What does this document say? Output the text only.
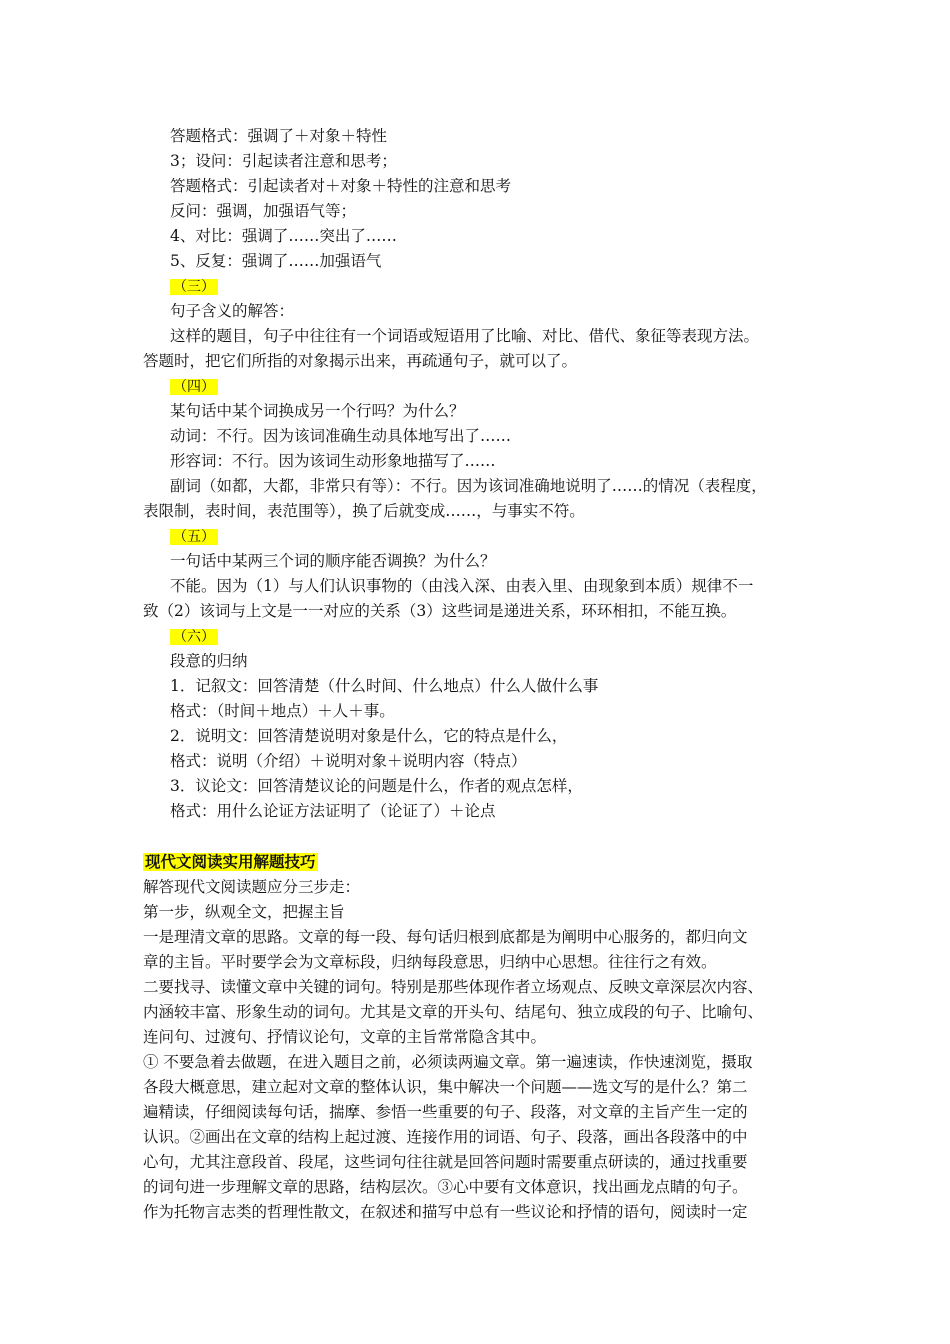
答题格式：强调了＋对象＋特性
3；设问：引起读者注意和思考；
答题格式：引起读者对＋对象＋特性的注意和思考
反问：强调，加强语气等；
4、对比：强调了……突出了……
5、反复：强调了……加强语气
（三）
句子含义的解答：
这样的题目，句子中往往有一个词语或短语用了比喻、对比、借代、象征等表现方法。
答题时，把它们所指的对象揭示出来，再疏通句子，就可以了。
（四）
某句话中某个词换成另一个行吗？为什么？
动词：不行。因为该词准确生动具体地写出了……
形容词：不行。因为该词生动形象地描写了……
副词（如都，大都，非常只有等）：不行。因为该词准确地说明了……的情况（表程度，
表限制，表时间，表范围等），换了后就变成……，与事实不符。
（五）
一句话中某两三个词的顺序能否调换？为什么？
不能。因为（1）与人们认识事物的（由浅入深、由表入里、由现象到本质）规律不一
致（2）该词与上文是一一对应的关系（3）这些词是递进关系，环环相扣，不能互换。
（六）
段意的归纳
1．记叙文：回答清楚（什么时间、什么地点）什么人做什么事
格式：（时间＋地点）＋人＋事。
2．说明文：回答清楚说明对象是什么，它的特点是什么，
格式：说明（介绍）＋说明对象＋说明内容（特点）
3．议论文：回答清楚议论的问题是什么，作者的观点怎样，
格式：用什么论证方法证明了（论证了）＋论点
现代文阅读实用解题技巧
解答现代文阅读题应分三步走：
第一步，纵观全文，把握主旨
一是理清文章的思路。文章的每一段、每句话归根到底都是为阐明中心服务的，都归向文
章的主旨。平时要学会为文章标段，归纳每段意思，归纳中心思想。往往行之有效。
二要找寻、读懂文章中关键的词句。特别是那些体现作者立场观点、反映文章深层次内容、
内涵较丰富、形象生动的词句。尤其是文章的开头句、结尾句、独立成段的句子、比喻句、
连问句、过渡句、抒情议论句，文章的主旨常常隐含其中。
① 不要急着去做题，在进入题目之前，必须读两遍文章。第一遍速读，作快速浏览，摄取
各段大概意思，建立起对文章的整体认识，集中解决一个问题——选文写的是什么？第二
遍精读，仔细阅读每句话，揣摩、参悟一些重要的句子、段落，对文章的主旨产生一定的
认识。②画出在文章的结构上起过渡、连接作用的词语、句子、段落，画出各段落中的中
心句，尤其注意段首、段尾，这些词句往往就是回答问题时需要重点研读的，通过找重要
的词句进一步理解文章的思路，结构层次。③心中要有文体意识，找出画龙点睛的句子。
作为托物言志类的哲理性散文，在叙述和描写中总有一些议论和抒情的语句，阅读时一定
